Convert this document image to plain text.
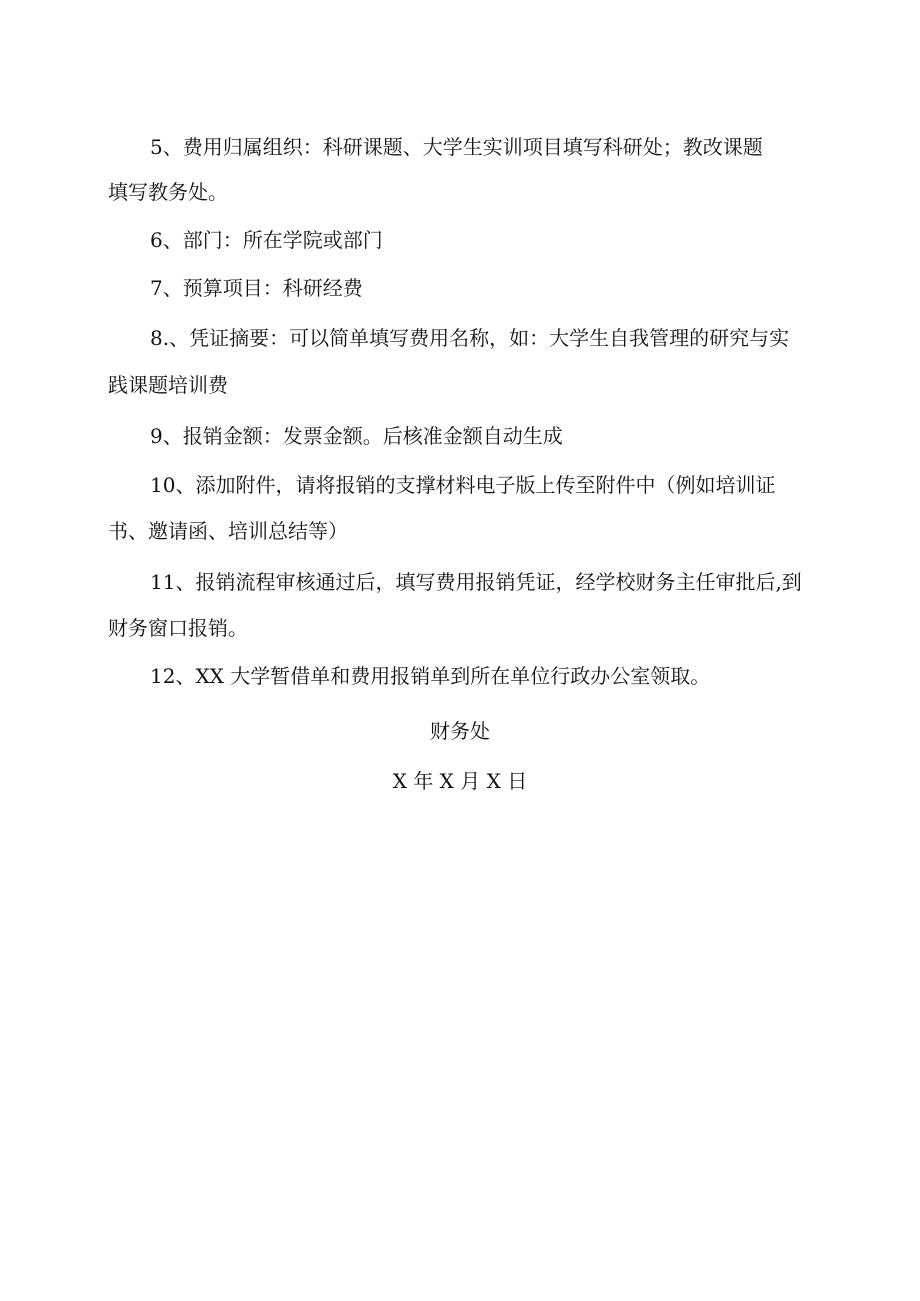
5、费用归属组织：科研课题、大学生实训项目填写科研处；教改课题
填写教务处。
6、部门：所在学院或部门
7、预算项目：科研经费
8.、凭证摘要：可以简单填写费用名称，如：大学生自我管理的研究与实
践课题培训费
9、报销金额：发票金额。后核准金额自动生成
10、添加附件，请将报销的支撑材料电子版上传至附件中（例如培训证
书、邀请函、培训总结等）
11、报销流程审核通过后，填写费用报销凭证，经学校财务主任审批后,到
财务窗口报销。
12、XX 大学暂借单和费用报销单到所在单位行政办公室领取。
财务处
X 年 X 月 X 日
